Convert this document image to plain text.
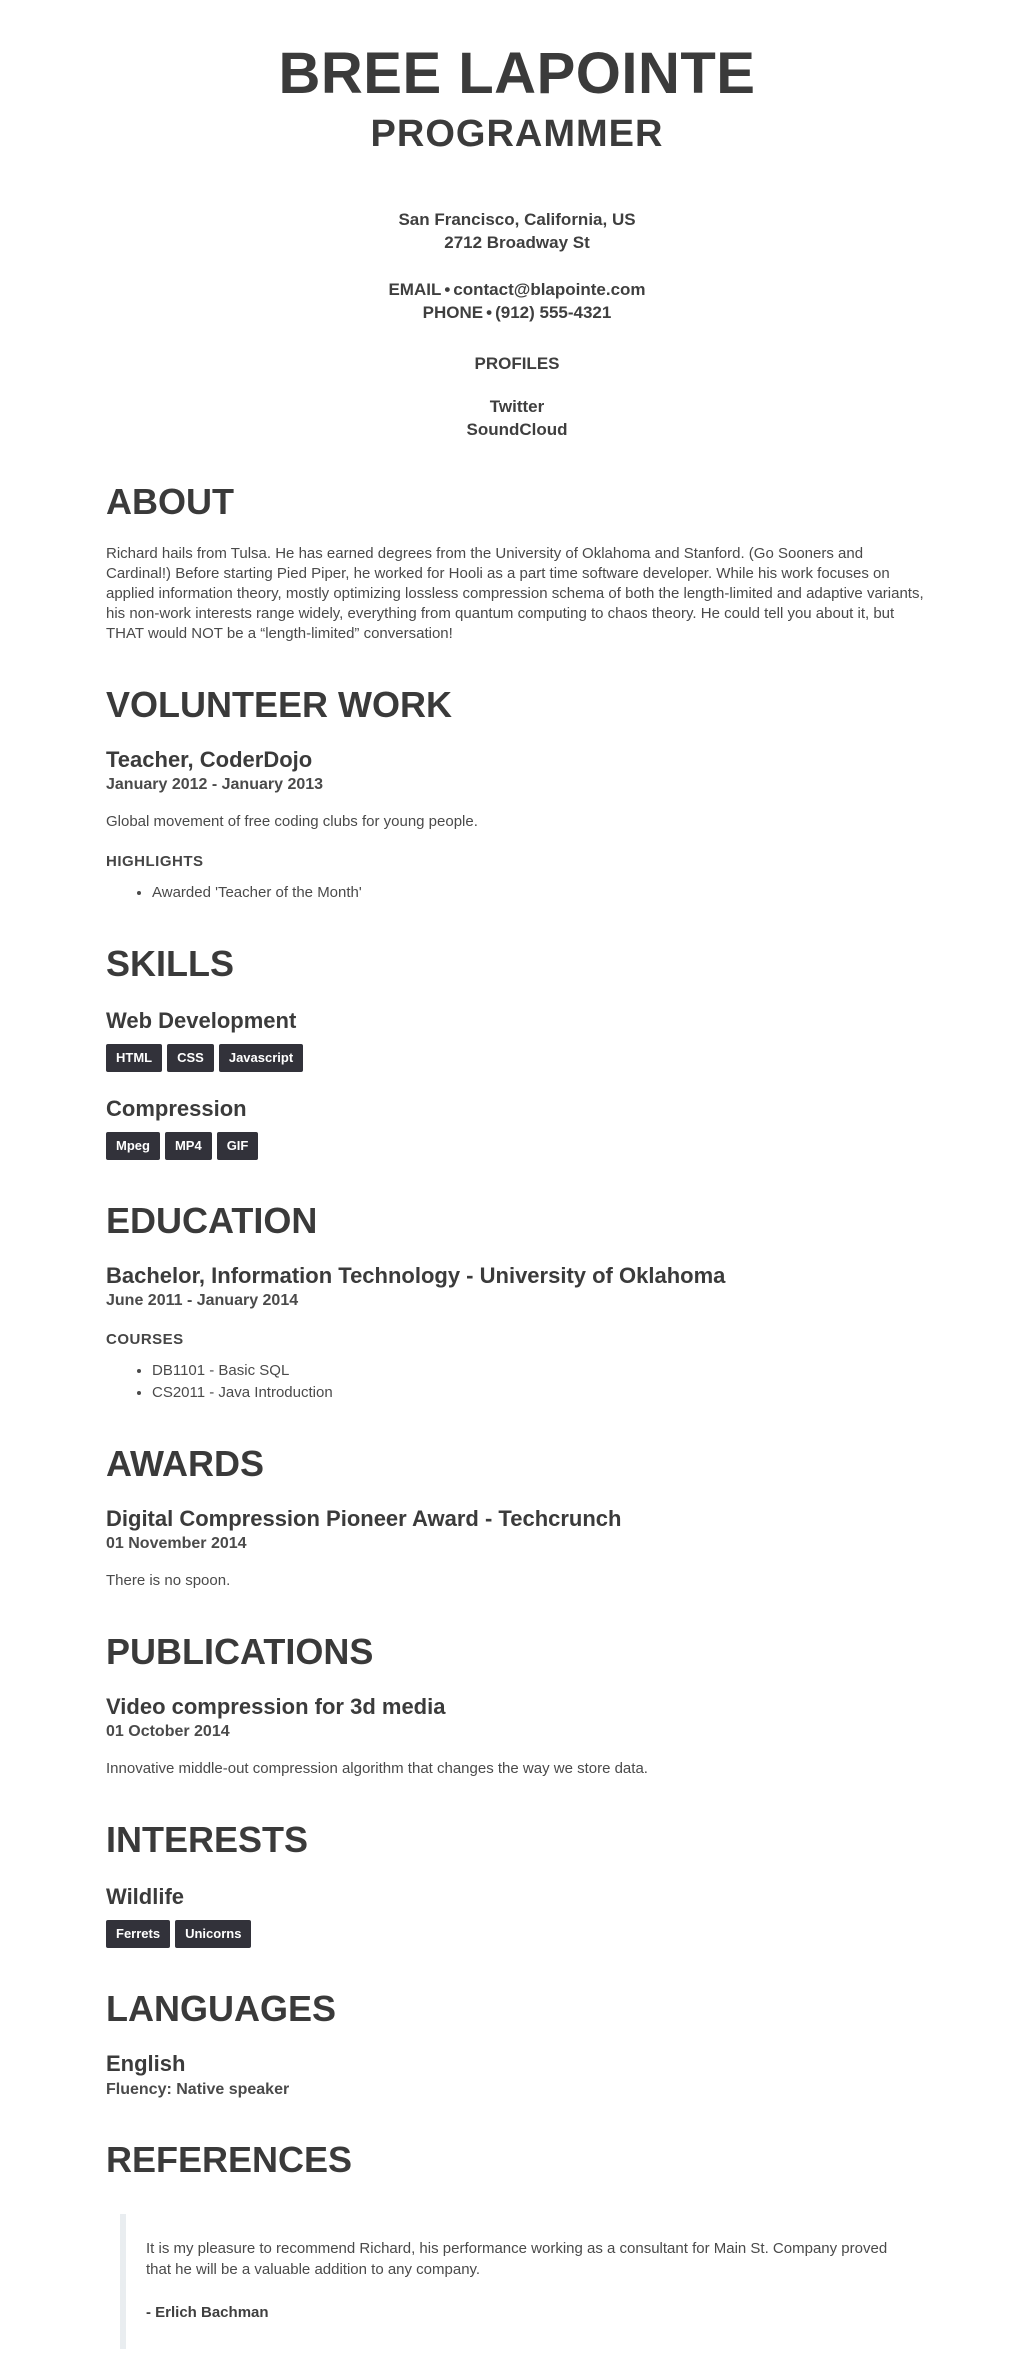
BREE LAPOINTE
PROGRAMMER
San Francisco, California, US
2712 Broadway St
EMAIL • contact@blapointe.com
PHONE • (912) 555-4321
PROFILES
Twitter
SoundCloud
ABOUT

Richard hails from Tulsa. He has earned degrees from the University of Oklahoma and Stanford. (Go Sooners and Cardinal!) Before starting Pied Piper, he worked for Hooli as a part time software developer. While his work focuses on applied information theory, mostly optimizing lossless compression schema of both the length-limited and adaptive variants, his non-work interests range widely, everything from quantum computing to chaos theory. He could tell you about it, but THAT would NOT be a “length-limited” conversation!

VOLUNTEER WORK
Teacher, CoderDojo
January 2012 - January 2013

Global movement of free coding clubs for young people.

HIGHLIGHTS
• Awarded 'Teacher of the Month'
SKILLS
Web Development
HTML	CSS	Javascript
Compression
Mpeg	MP4	GIF
EDUCATION
Bachelor, Information Technology - University of Oklahoma
June 2011 - January 2014
COURSES
• DB1101 - Basic SQL
• CS2011 - Java Introduction
AWARDS
Digital Compression Pioneer Award - Techcrunch
01 November 2014

There is no spoon.

PUBLICATIONS
Video compression for 3d media
01 October 2014

Innovative middle-out compression algorithm that changes the way we store data.

INTERESTS
Wildlife
Ferrets	Unicorns
LANGUAGES
English
Fluency: Native speaker
REFERENCES
It is my pleasure to recommend Richard, his performance working as a consultant for Main St. Company proved that he will be a valuable addition to any company.
- Erlich Bachman
